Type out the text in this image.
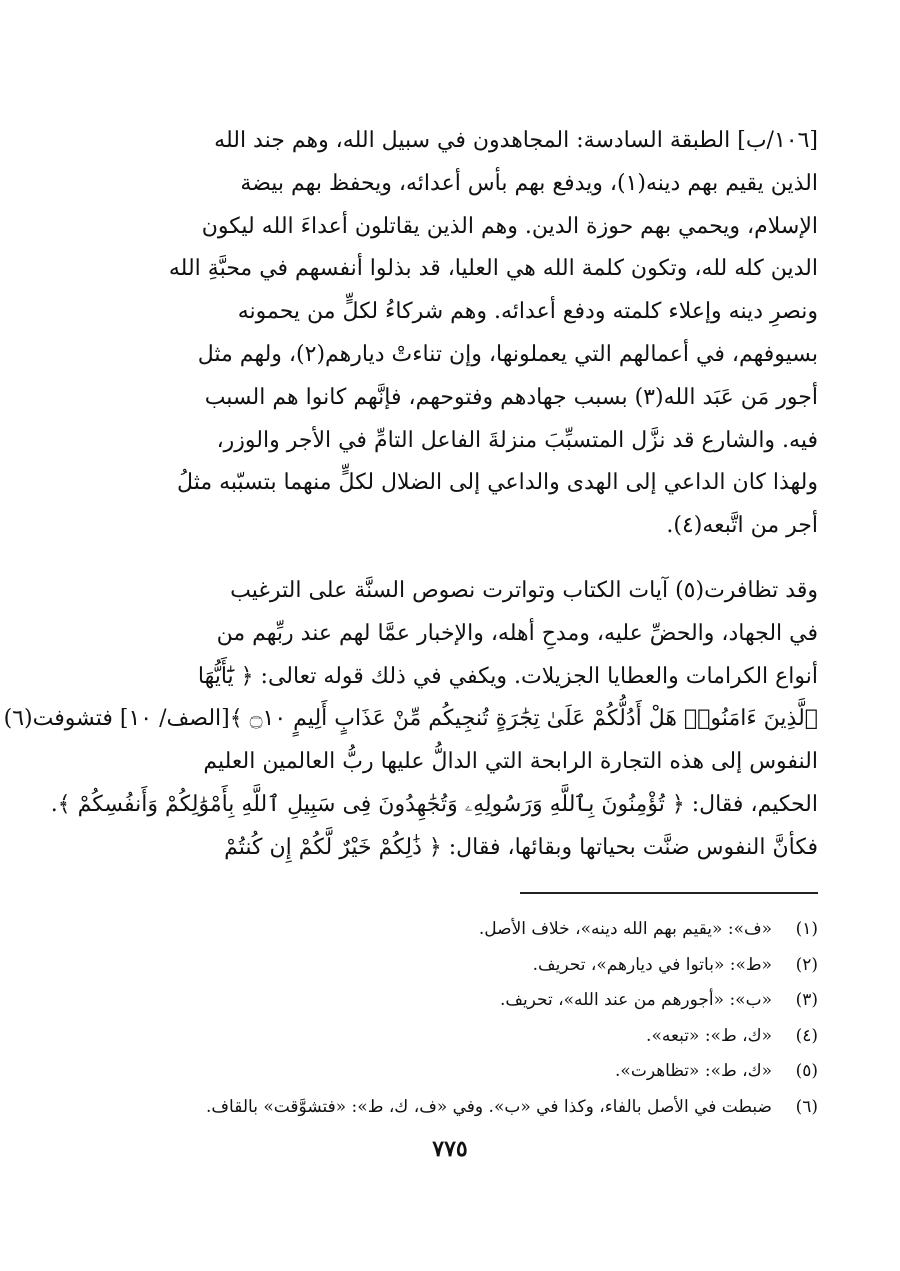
[١٠٦/ب] الطبقة السادسة: المجاهدون في سبيل الله، وهم جند الله
الذين يقيم بهم دينه(١)، ويدفع بهم بأس أعدائه، ويحفظ بهم بيضة
الإسلام، ويحمي بهم حوزة الدين. وهم الذين يقاتلون أعداءَ الله ليكون
الدين كله لله، وتكون كلمة الله هي العليا، قد بذلوا أنفسهم في محبَّةِ الله
ونصرِ دينه وإعلاء كلمته ودفع أعدائه. وهم شركاءُ لكلٍّ من يحمونه
بسيوفهم، في أعمالهم التي يعملونها، وإن تناءتْ ديارهم(٢)، ولهم مثل
أجور مَن عَبَد الله(٣) بسبب جهادهم وفتوحهم، فإنَّهم كانوا هم السبب
فيه. والشارع قد نزَّل المتسبِّبَ منزلةَ الفاعل التامِّ في الأجر والوزر،
ولهذا كان الداعي إلى الهدى والداعي إلى الضلال لكلٍّ منهما بتسبّبه مثلُ
أجر من اتَّبعه(٤).
وقد تظافرت(٥) آيات الكتاب وتواترت نصوص السنَّة على الترغيب
في الجهاد، والحضِّ عليه، ومدحِ أهله، والإخبار عمَّا لهم عند ربِّهم من
أنواع الكرامات والعطايا الجزيلات. ويكفي في ذلك قوله تعالى: ﴿ يَٰٓأَيُّهَا
ٱلَّذِينَ ءَامَنُوا۟ هَلْ أَدُلُّكُمْ عَلَىٰ تِجَٰرَةٍ تُنجِيكُم مِّنْ عَذَابٍ أَلِيمٍ ۝١٠ ﴾[الصف/ ١٠] فتشوفت(٦)
النفوس إلى هذه التجارة الرابحة التي الدالُّ عليها ربُّ العالمين العليم
الحكيم، فقال: ﴿ تُؤْمِنُونَ بِٱللَّهِ وَرَسُولِهِۦ وَتُجَٰهِدُونَ فِى سَبِيلِ ٱللَّهِ بِأَمْوَٰلِكُمْ وَأَنفُسِكُمْ ﴾.
فكأنَّ النفوس ضنَّت بحياتها وبقائها، فقال: ﴿ ذَٰلِكُمْ خَيْرٌ لَّكُمْ إِن كُنتُمْ
(١)«ف»: «يقيم بهم الله دينه»، خلاف الأصل.
(٢)«ط»: «باتوا في ديارهم»، تحريف.
(٣)«ب»: «أجورهم من عند الله»، تحريف.
(٤)«ك، ط»: «تبعه».
(٥)«ك، ط»: «تظاهرت».
(٦)ضبطت في الأصل بالفاء، وكذا في «ب». وفي «ف، ك، ط»: «فتشوَّقت» بالقاف.
٧٧٥
